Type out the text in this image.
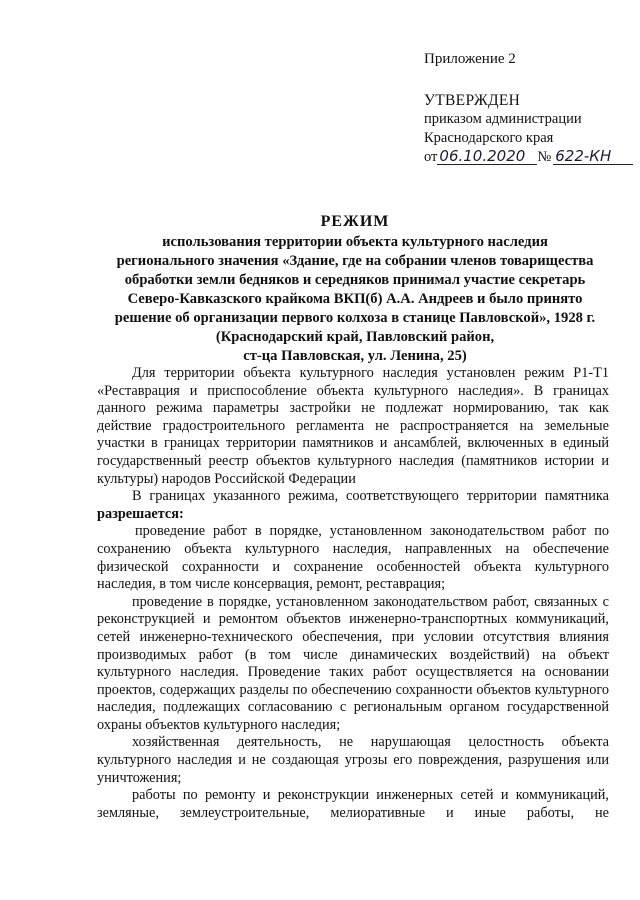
Приложение 2
УТВЕРЖДЕН
приказом администрации
Краснодарского края
от 06.10.2020 № 622-КН
РЕЖИМ
использования территории объекта культурного наследия
регионального значения «Здание, где на собрании членов товарищества
обработки земли бедняков и середняков принимал участие секретарь
Северо-Кавказского крайкома ВКП(б) А.А. Андреев и было принято
решение об организации первого колхоза в станице Павловской», 1928 г.
(Краснодарский край, Павловский район,
ст-ца Павловская, ул. Ленина, 25)

Для территории объекта культурного наследия установлен режим Р1-Т1 «Реставрация и приспособление объекта культурного наследия». В границах данного режима параметры застройки не подлежат нормированию, так как действие градостроительного регламента не распространяется на земельные участки в границах территории памятников и ансамблей, включенных в единый государственный реестр объектов культурного наследия (памятников истории и культуры) народов Российской Федерации

В границах указанного режима, соответствующего территории памятника разрешается:

проведение работ в порядке, установленном законодательством работ по сохранению объекта культурного наследия, направленных на обеспечение физической сохранности и сохранение особенностей объекта культурного наследия, в том числе консервация, ремонт, реставрация;

проведение в порядке, установленном законодательством работ, связанных с реконструкцией и ремонтом объектов инженерно-транспортных коммуникаций, сетей инженерно-технического обеспечения, при условии отсутствия влияния производимых работ (в том числе динамических воздействий) на объект культурного наследия. Проведение таких работ осуществляется на основании проектов, содержащих разделы по обеспечению сохранности объектов культурного наследия, подлежащих согласованию с региональным органом государственной охраны объектов культурного наследия;

хозяйственная деятельность, не нарушающая целостность объекта культурного наследия и не создающая угрозы его повреждения, разрушения или уничтожения;

работы по ремонту и реконструкции инженерных сетей и коммуникаций, земляные, землеустроительные, мелиоративные и иные работы, не
